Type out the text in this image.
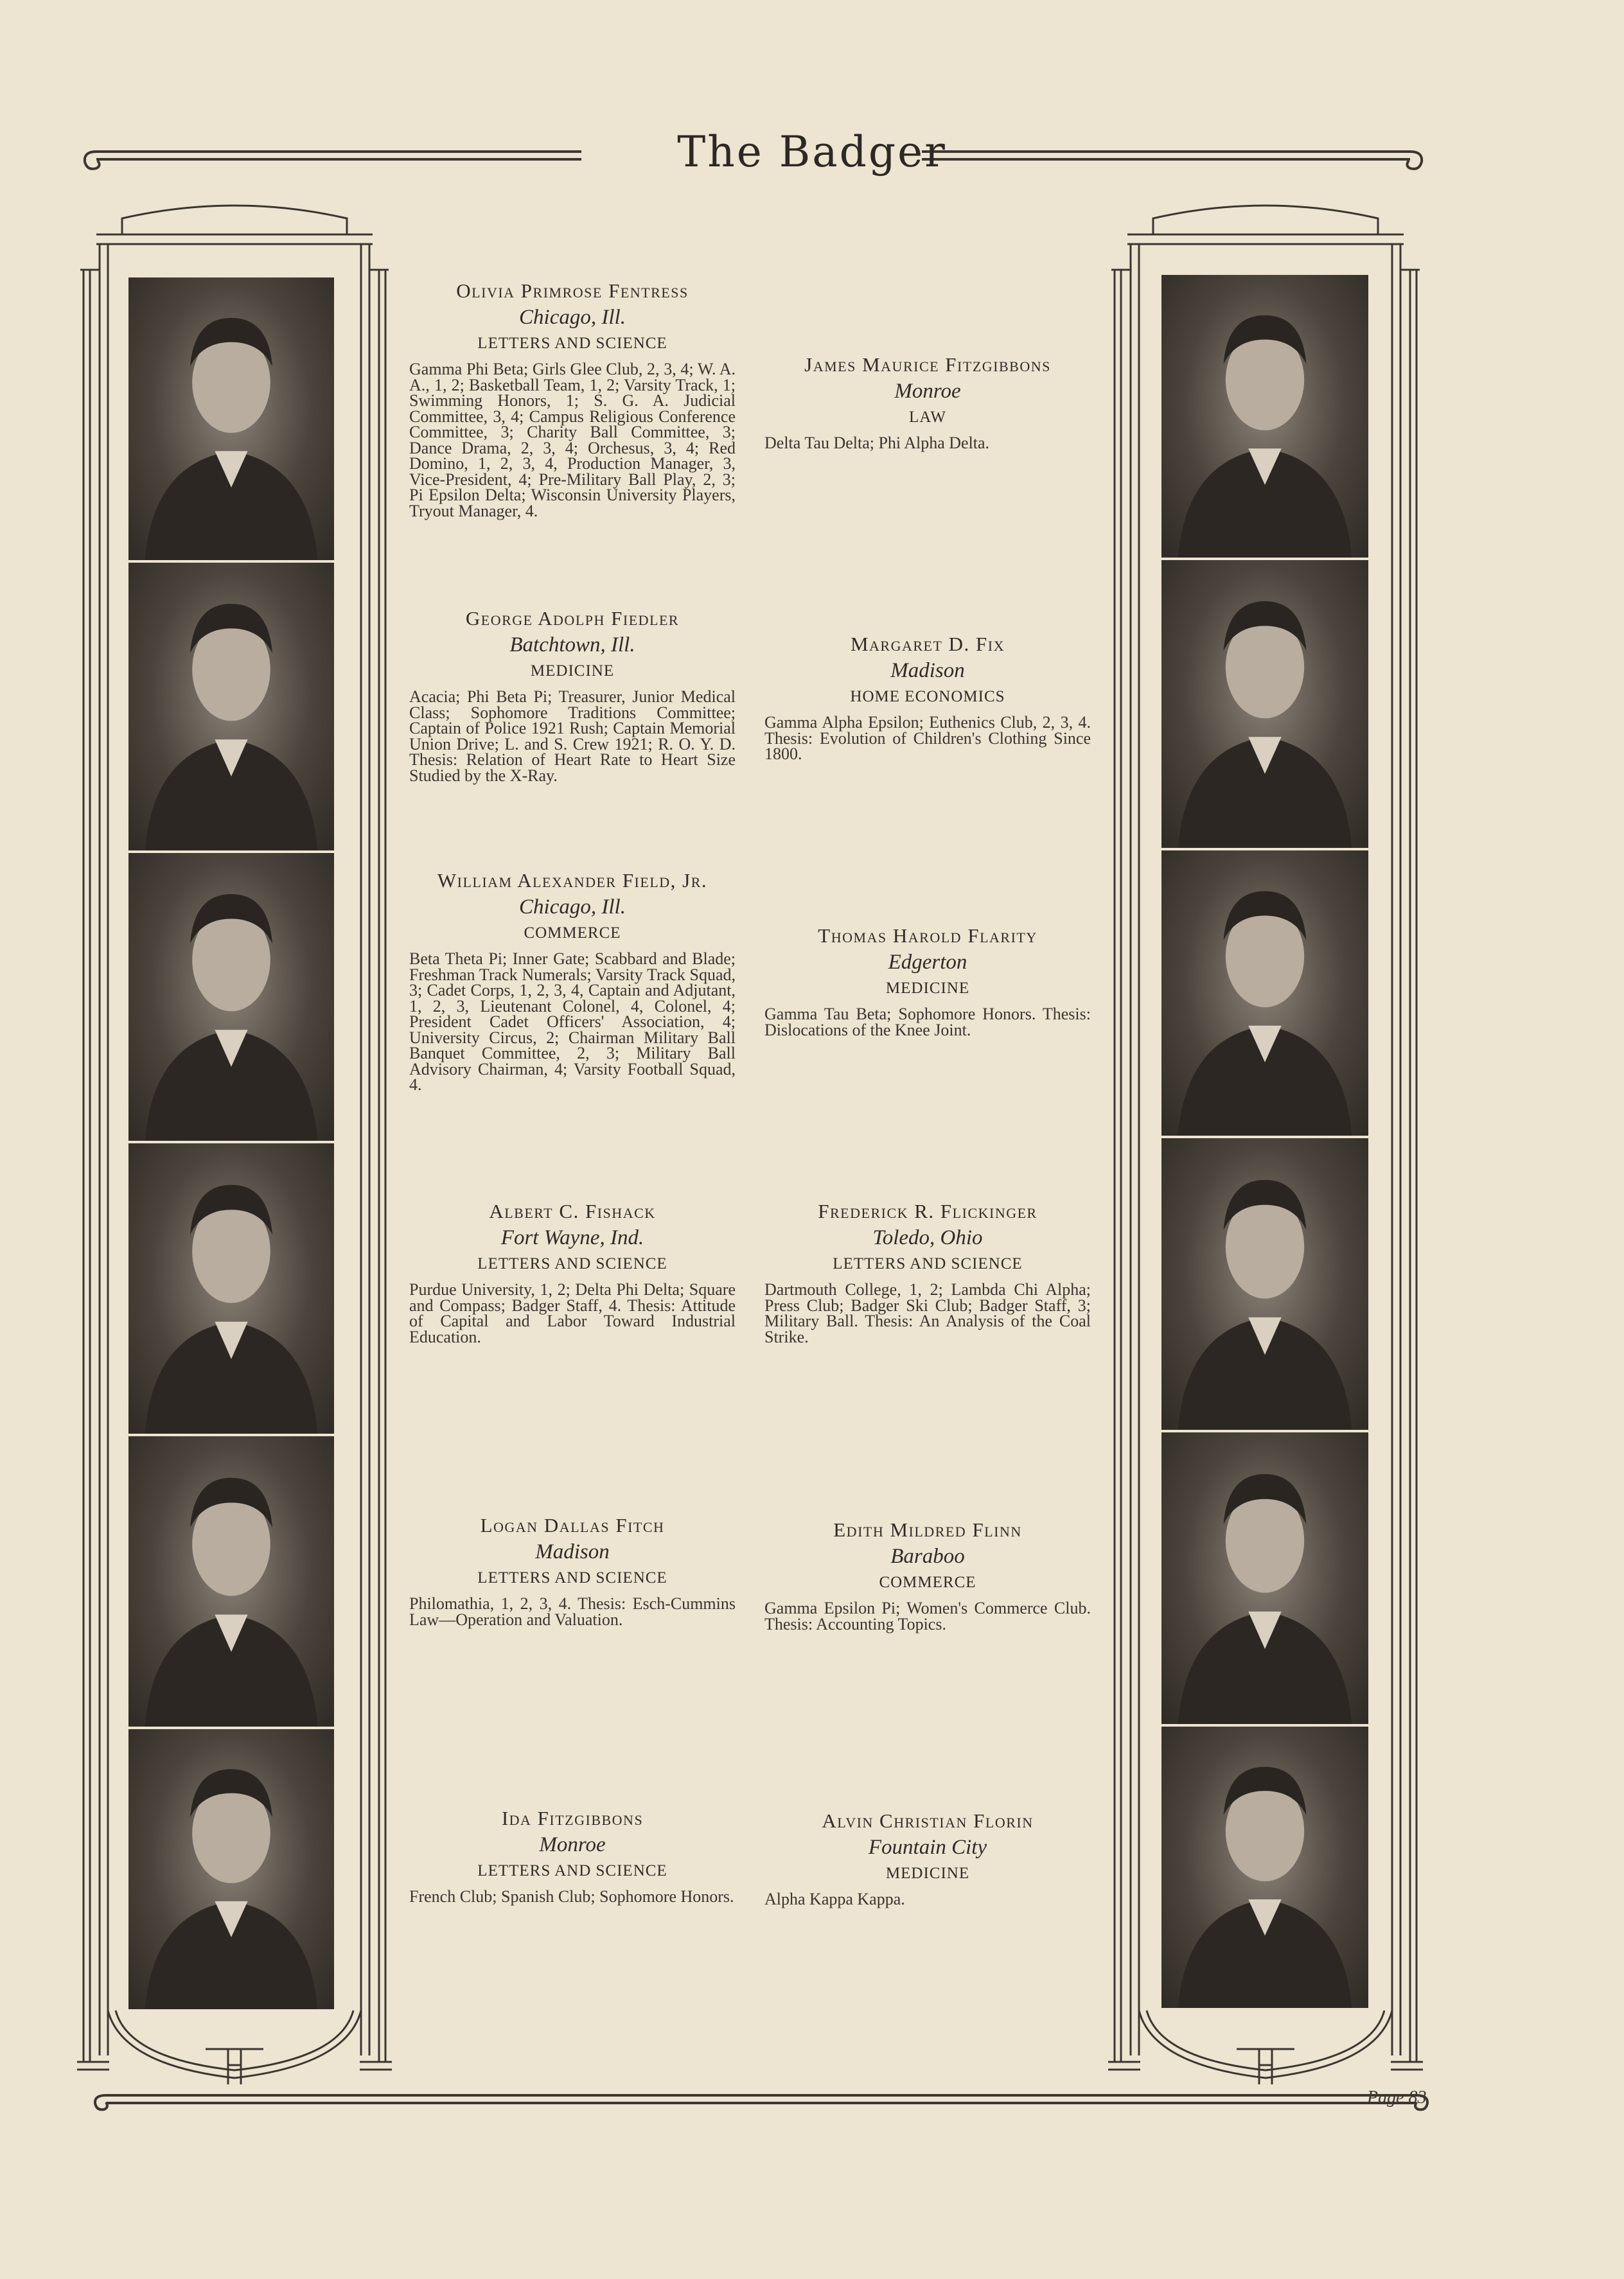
The Badger
Olivia Primrose Fentress
Chicago, Ill.
LETTERS AND SCIENCE
Gamma Phi Beta; Girls Glee Club, 2, 3, 4; W. A. A., 1, 2; Basketball Team, 1, 2; Varsity Track, 1; Swimming Honors, 1; S. G. A. Judicial Committee, 3, 4; Campus Religious Conference Committee, 3; Charity Ball Committee, 3; Dance Drama, 2, 3, 4; Orchesus, 3, 4; Red Domino, 1, 2, 3, 4, Production Manager, 3, Vice-President, 4; Pre-Military Ball Play, 2, 3; Pi Epsilon Delta; Wisconsin University Players, Tryout Manager, 4.
George Adolph Fiedler
Batchtown, Ill.
MEDICINE
Acacia; Phi Beta Pi; Treasurer, Junior Medical Class; Sophomore Traditions Committee; Captain of Police 1921 Rush; Captain Memorial Union Drive; L. and S. Crew 1921; R. O. Y. D. Thesis: Relation of Heart Rate to Heart Size Studied by the X-Ray.
William Alexander Field, Jr.
Chicago, Ill.
COMMERCE
Beta Theta Pi; Inner Gate; Scabbard and Blade; Freshman Track Numerals; Varsity Track Squad, 3; Cadet Corps, 1, 2, 3, 4, Captain and Adjutant, 1, 2, 3, Lieutenant Colonel, 4, Colonel, 4; President Cadet Officers' Association, 4; University Circus, 2; Chairman Military Ball Banquet Committee, 2, 3; Military Ball Advisory Chairman, 4; Varsity Football Squad, 4.
Albert C. Fishack
Fort Wayne, Ind.
LETTERS AND SCIENCE
Purdue University, 1, 2; Delta Phi Delta; Square and Compass; Badger Staff, 4. Thesis: Attitude of Capital and Labor Toward Industrial Education.
Logan Dallas Fitch
Madison
LETTERS AND SCIENCE
Philomathia, 1, 2, 3, 4. Thesis: Esch-Cummins Law—Operation and Valuation.
Ida Fitzgibbons
Monroe
LETTERS AND SCIENCE
French Club; Spanish Club; Sophomore Honors.
James Maurice Fitzgibbons
Monroe
LAW
Delta Tau Delta; Phi Alpha Delta.
Margaret D. Fix
Madison
HOME ECONOMICS
Gamma Alpha Epsilon; Euthenics Club, 2, 3, 4. Thesis: Evolution of Children's Clothing Since 1800.
Thomas Harold Flarity
Edgerton
MEDICINE
Gamma Tau Beta; Sophomore Honors. Thesis: Dislocations of the Knee Joint.
Frederick R. Flickinger
Toledo, Ohio
LETTERS AND SCIENCE
Dartmouth College, 1, 2; Lambda Chi Alpha; Press Club; Badger Ski Club; Badger Staff, 3; Military Ball. Thesis: An Analysis of the Coal Strike.
Edith Mildred Flinn
Baraboo
COMMERCE
Gamma Epsilon Pi; Women's Commerce Club. Thesis: Accounting Topics.
Alvin Christian Florin
Fountain City
MEDICINE
Alpha Kappa Kappa.
Page 83
